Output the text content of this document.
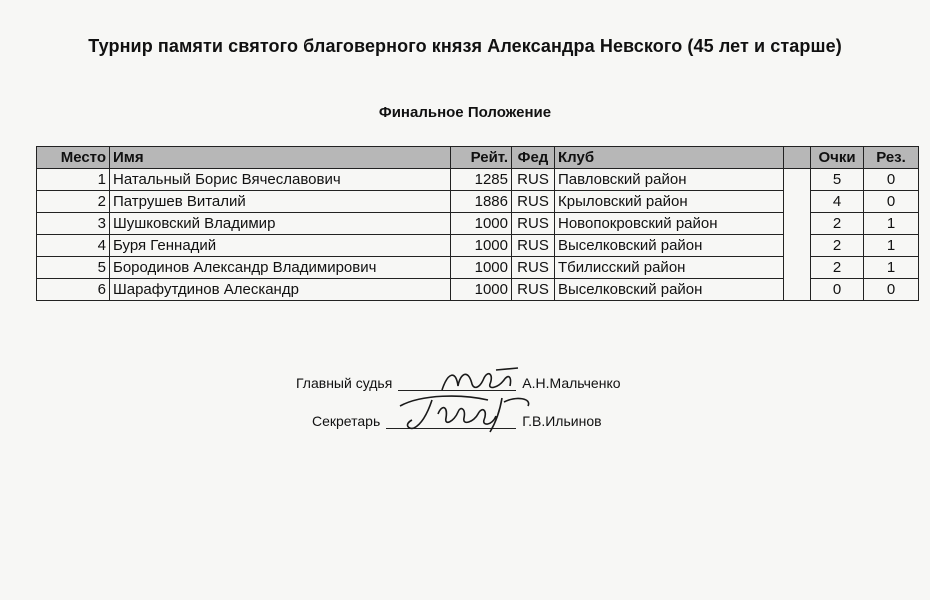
Турнир памяти святого благоверного князя Александра Невского (45 лет и старше)
Финальное Положение
Место	Имя	Рейт.	Фед	Клуб		Очки	Рез.
1	Натальный Борис Вячеславович	1285	RUS	Павловский район		5	0
2	Патрушев Виталий	1886	RUS	Крыловский район		4	0
3	Шушковский Владимир	1000	RUS	Новопокровский район		2	1
4	Буря Геннадий	1000	RUS	Выселковский район		2	1
5	Бородинов Александр Владимирович	1000	RUS	Тбилисский район		2	1
6	Шарафутдинов Алескандр	1000	RUS	Выселковский район		0	0
Главный судья	А.Н.Мальченко
Секретарь	Г.В.Ильинов
